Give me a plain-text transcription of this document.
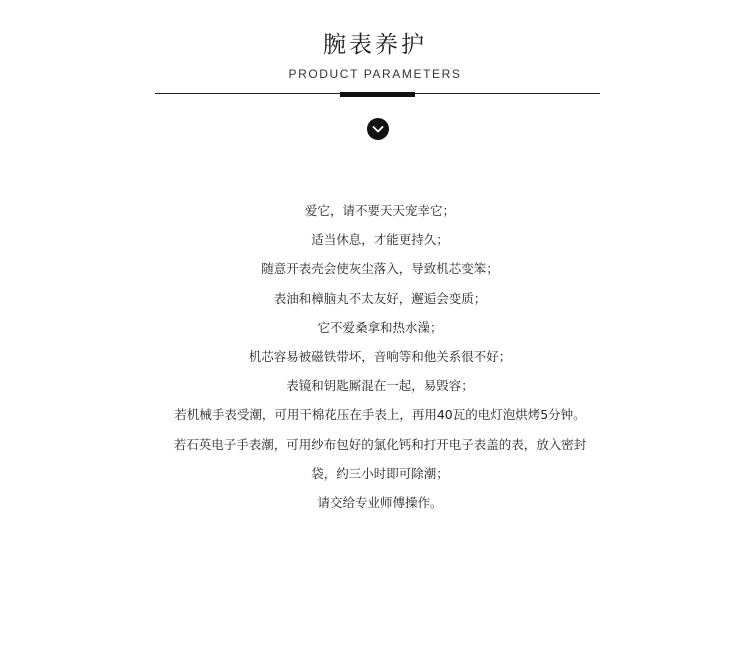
腕表养护
PRODUCT PARAMETERS
爱它，请不要天天宠幸它；
适当休息，才能更持久；
随意开表壳会使灰尘落入，导致机芯变笨；
表油和樟脑丸不太友好，邂逅会变质；
它不爱桑拿和热水澡；
机芯容易被磁铁带坏，音响等和他关系很不好；
表镜和钥匙厮混在一起，易毁容；
若机械手表受潮，可用干棉花压在手表上，再用40瓦的电灯泡烘烤5分钟。
若石英电子手表潮，可用纱布包好的氯化钙和打开电子表盖的表，放入密封
袋，约三小时即可除潮；
请交给专业师傅操作。
